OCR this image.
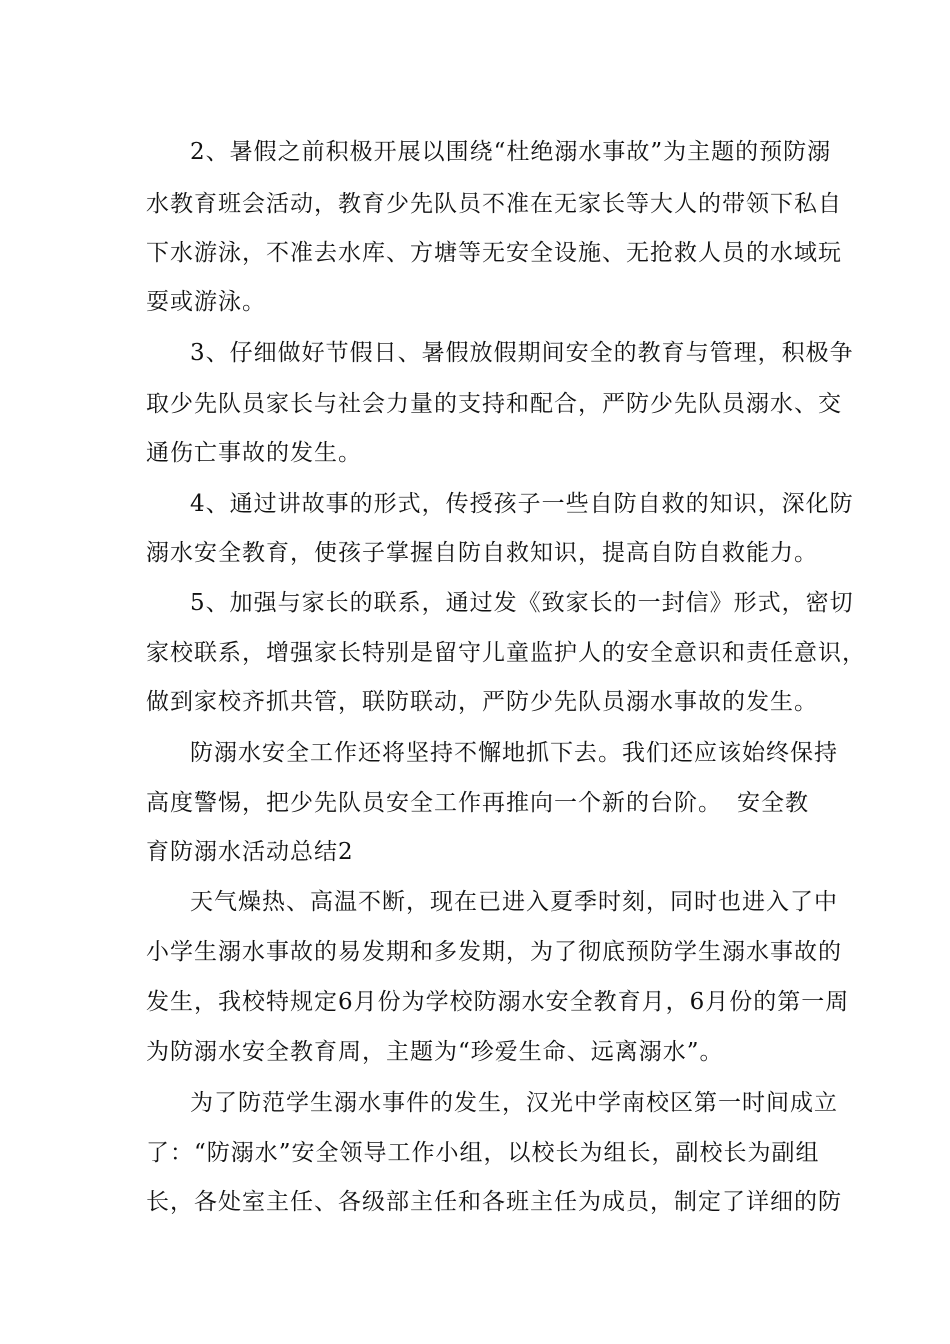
2、暑假之前积极开展以围绕“杜绝溺水事故”为主题的预防溺
水教育班会活动，教育少先队员不准在无家长等大人的带领下私自
下水游泳，不准去水库、方塘等无安全设施、无抢救人员的水域玩
耍或游泳。
3、仔细做好节假日、暑假放假期间安全的教育与管理，积极争
取少先队员家长与社会力量的支持和配合，严防少先队员溺水、交
通伤亡事故的发生。
4、通过讲故事的形式，传授孩子一些自防自救的知识，深化防
溺水安全教育，使孩子掌握自防自救知识，提高自防自救能力。
5、加强与家长的联系，通过发《致家长的一封信》形式，密切
家校联系，增强家长特别是留守儿童监护人的安全意识和责任意识，
做到家校齐抓共管，联防联动，严防少先队员溺水事故的发生。
防溺水安全工作还将坚持不懈地抓下去。我们还应该始终保持
高度警惕，把少先队员安全工作再推向一个新的台阶。 安全教
育防溺水活动总结2
天气燥热、高温不断，现在已进入夏季时刻，同时也进入了中
小学生溺水事故的易发期和多发期，为了彻底预防学生溺水事故的
发生，我校特规定6月份为学校防溺水安全教育月，6月份的第一周
为防溺水安全教育周，主题为“珍爱生命、远离溺水”。
为了防范学生溺水事件的发生，汉光中学南校区第一时间成立
了：“防溺水”安全领导工作小组，以校长为组长，副校长为副组
长，各处室主任、各级部主任和各班主任为成员，制定了详细的防
